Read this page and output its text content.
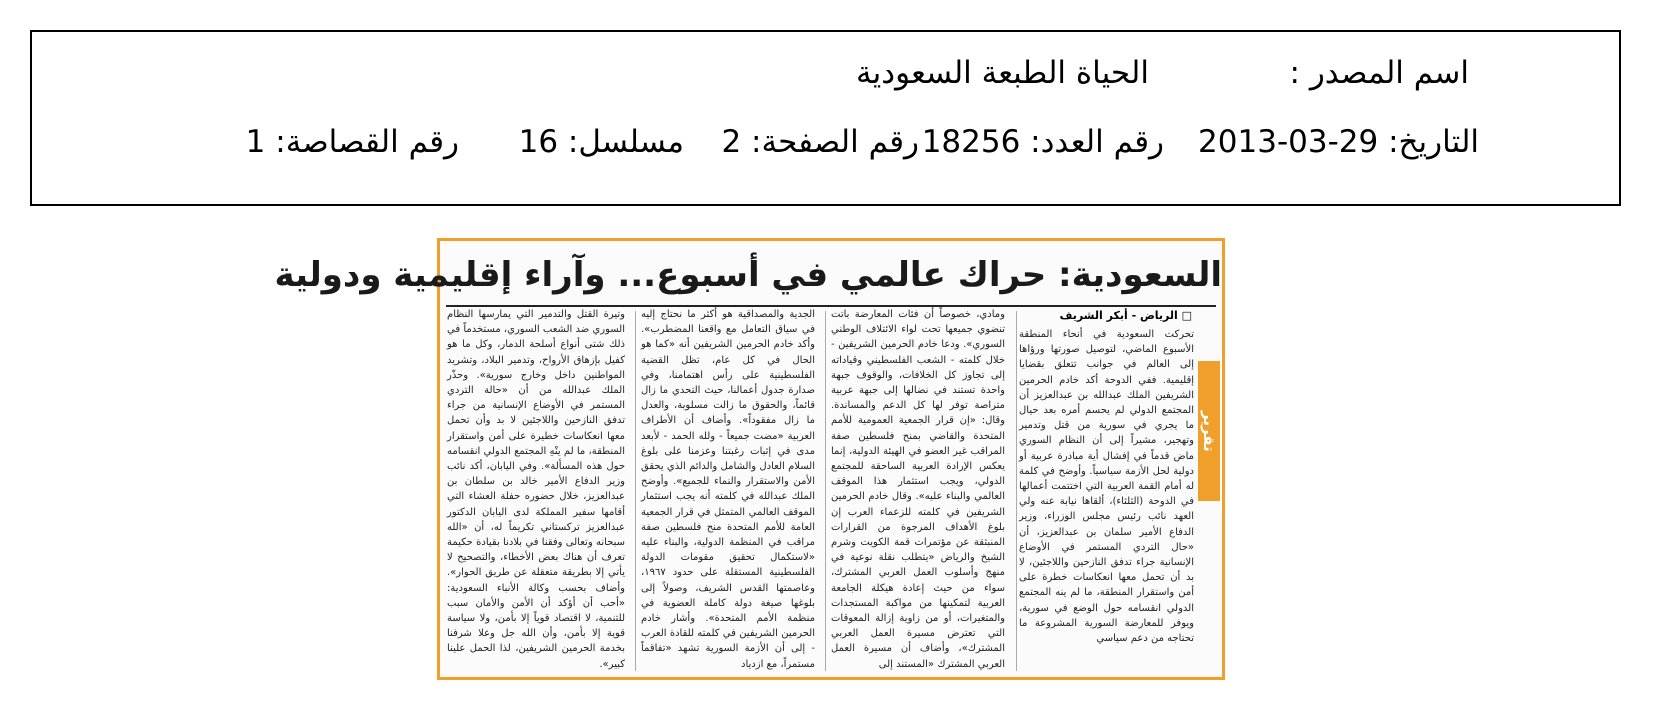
اسم المصدر :
الحياة الطبعة السعودية
التاريخ: 29-03-2013
رقم العدد: 18256
رقم الصفحة: 2
مسلسل: 16
رقم القصاصة: 1
السعودية: حراك عالمي في أسبوع... وآراء إقليمية ودولية
□ الرياض - أبكر الشريف
تقرير
تحركت السعودية في أنحاء المنطقة الأسبوع الماضي، لتوصيل صورتها ورؤاها إلى العالم في جوانب تتعلق بقضايا إقليمية. ففي الدوحة أكد خادم الحرمين الشريفين الملك عبدالله بن عبدالعزيز أن المجتمع الدولي لم يحسم أمره بعد حيال ما يجري في سورية من قتل وتدمير وتهجير، مشيراً إلى أن النظام السوري ماض قدماً في إفشال أية مبادرة عربية أو دولية لحل الأزمة سياسياً. وأوضح في كلمة له أمام القمة العربية التي اختتمت أعمالها في الدوحة (الثلثاء)، ألقاها نيابة عنه ولي العهد نائب رئيس مجلس الوزراء، وزير الدفاع الأمير سلمان بن عبدالعزيز، أن «حال التردي المستمر في الأوضاع الإنسانية جراء تدفق النازحين واللاجئين، لا بد أن تحمل معها انعكاسات خطرة على أمن واستقرار المنطقة، ما لم ينه المجتمع الدولي انقسامه حول الوضع في سورية، ويوفر للمعارضة السورية المشروعة ما تحتاجه من دعم سياسي
ومادي، خصوصاً أن فئات المعارضة باتت تنضوي جميعها تحت لواء الائتلاف الوطني السوري». ودعا خادم الحرمين الشريفين - خلال كلمته - الشعب الفلسطيني وقياداته إلى تجاوز كل الخلافات، والوقوف جبهة واحدة تستند في نضالها إلى جبهة عربية متراصة توفر لها كل الدعم والمساندة. وقال: «إن قرار الجمعية العمومية للأمم المتحدة والقاضي بمنح فلسطين صفة المراقب غير العضو في الهيئة الدولية، إنما يعكس الإرادة العربية الساحقة للمجتمع الدولي، ويجب استثمار هذا الموقف العالمي والبناء عليه». وقال خادم الحرمين الشريفين في كلمته للزعماء العرب إن بلوغ الأهداف المرجوة من القرارات المنبثقة عن مؤتمرات قمة الكويت وشرم الشيخ والرياض «يتطلب نقلة نوعية في منهج وأسلوب العمل العربي المشترك، سواء من حيث إعادة هيكلة الجامعة العربية لتمكينها من مواكبة المستجدات والمتغيرات، أو من زاوية إزالة المعوقات التي تعترض مسيرة العمل العربي المشترك»، وأضاف أن مسيرة العمل العربي المشترك «المستند إلى
الجدية والمصداقية هو أكثر ما نحتاج إليه في سياق التعامل مع واقعنا المضطرب». وأكد خادم الحرمين الشريفين أنه «كما هو الحال في كل عام، تظل القضية الفلسطينية على رأس اهتمامنا، وفي صدارة جدول أعمالنا، حيث التحدي ما زال قائماً، والحقوق ما زالت مسلوبة، والعدل ما زال مفقوداً». وأضاف أن الأطراف العربية «مضت جميعاً - ولله الحمد - لأبعد مدى في إثبات رغبتنا وعزمنا على بلوغ السلام العادل والشامل والدائم الذي يحقق الأمن والاستقرار والنماء للجميع». وأوضح الملك عبدالله في كلمته أنه يجب استثمار الموقف العالمي المتمثل في قرار الجمعية العامة للأمم المتحدة منح فلسطين صفة مراقب في المنظمة الدولية، والبناء عليه «لاستكمال تحقيق مقومات الدولة الفلسطينية المستقلة على حدود ١٩٦٧، وعاصمتها القدس الشريف، وصولاً إلى بلوغها صيغة دولة كاملة العضوية في منظمة الأمم المتحدة». وأشار خادم الحرمين الشريفين في كلمته للقادة العرب - إلى أن الأزمة السورية تشهد «تفاقماً مستمراً، مع ازدياد
وتيرة القتل والتدمير التي يمارسها النظام السوري ضد الشعب السوري، مستخدماً في ذلك شتى أنواع أسلحة الدمار، وكل ما هو كفيل بإزهاق الأرواح، وتدمير البلاد، وتشريد المواطنين داخل وخارج سورية». وحذّر الملك عبدالله من أن «حالة التردي المستمر في الأوضاع الإنسانية من جراء تدفق النازحين واللاجئين لا بد وأن تحمل معها انعكاسات خطيرة على أمن واستقرار المنطقة، ما لم ينْهِ المجتمع الدولي انقسامه حول هذه المسألة». وفي اليابان، أكد نائب وزير الدفاع الأمير خالد بن سلطان بن عبدالعزيز، خلال حضوره حفلة العشاء التي أقامها سفير المملكة لدى اليابان الدكتور عبدالعزيز تركستاني تكريماً له، أن «الله سبحانه وتعالى وفقنا في بلادنا بقيادة حكيمة تعرف أن هناك بعض الأخطاء، والتصحيح لا يأتي إلا بطريقة متعقلة عن طريق الحوار». وأضاف بحسب وكالة الأنباء السعودية: «أحب أن أؤكد أن الأمن والأمان سبب للتنمية، لا اقتصاد قوياً إلا بأمن، ولا سياسة قوية إلا بأمن، وأن الله جل وعلا شرفنا بخدمة الحرمين الشريفين، لذا الحمل علينا كبير».
